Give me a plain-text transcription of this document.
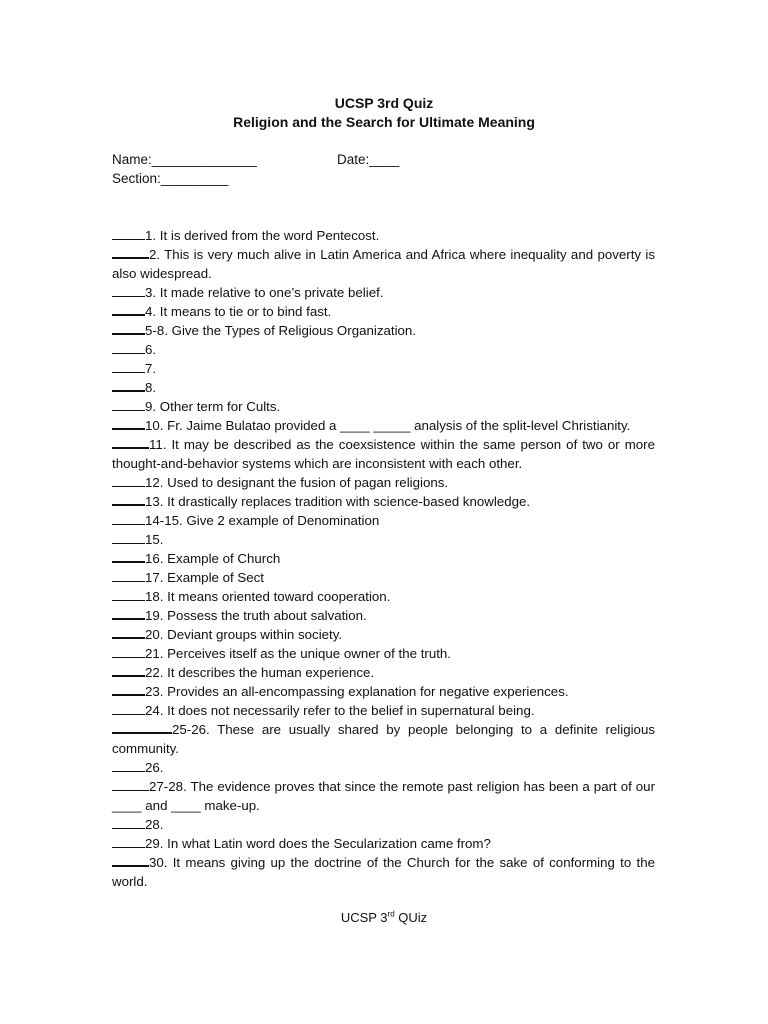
UCSP 3rd Quiz
Religion and the Search for Ultimate Meaning
Name:______________	Date:____
Section:_________

1. It is derived from the word Pentecost.

2. This is very much alive in Latin America and Africa where inequality and poverty is also widespread.

3. It made relative to one’s private belief.

4. It means to tie or to bind fast.

5-8. Give the Types of Religious Organization.

6.

7.

8.

9. Other term for Cults.

10. Fr. Jaime Bulatao provided a ____ _____ analysis of the split-level Christianity.

11. It may be described as the coexsistence within the same person of two or more thought-and-behavior systems which are inconsistent with each other.

12. Used to designant the fusion of pagan religions.

13. It drastically replaces tradition with science-based knowledge.

14-15. Give 2 example of Denomination

15.

16. Example of Church

17. Example of Sect

18. It means oriented toward cooperation.

19. Possess the truth about salvation.

20. Deviant groups within society.

21. Perceives itself as the unique owner of the truth.

22. It describes the human experience.

23. Provides an all-encompassing explanation for negative experiences.

24. It does not necessarily refer to the belief in supernatural being.

25-26. These are usually shared by people belonging to a definite religious community.

26.

27-28. The evidence proves that since the remote past religion has been a part of our ____ and ____ make-up.

28.

29. In what Latin word does the Secularization came from?

30. It means giving up the doctrine of the Church for the sake of conforming to the world.

UCSP 3rd QUiz
